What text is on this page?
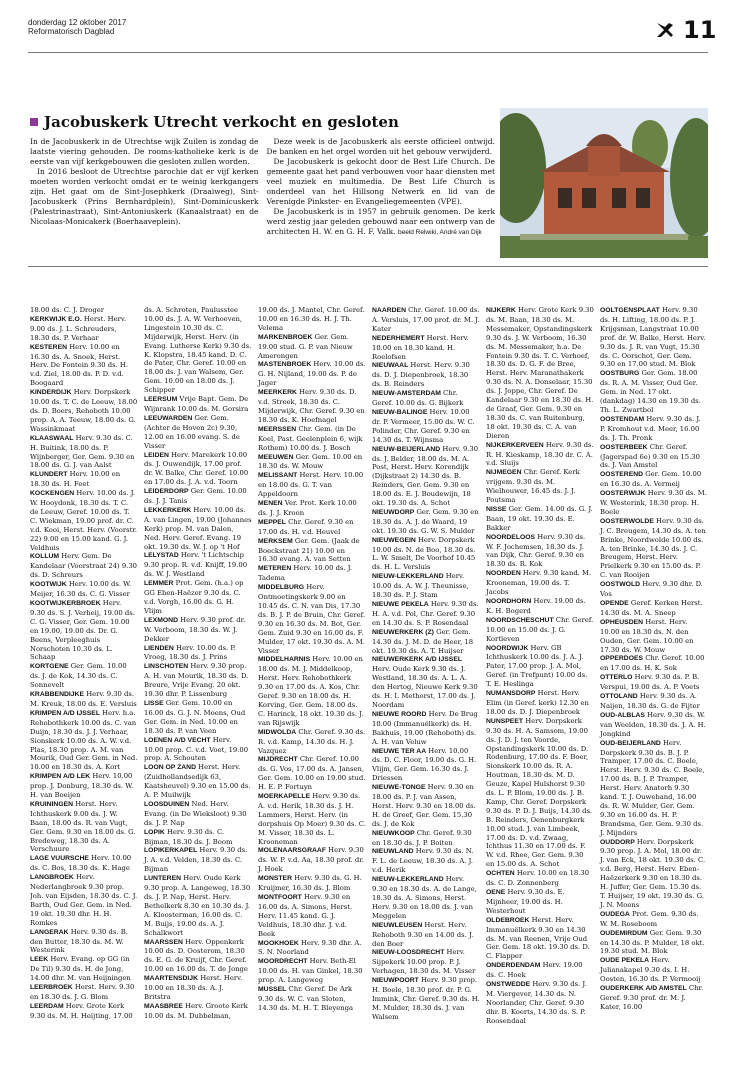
donderdag 12 oktober 2017
Reformatorisch Dagblad	11
Jacobuskerk Utrecht verkocht en gesloten

In de Jacobuskerk in de Utrechtse wijk Zuilen is zondag de laatste viering gehouden. De rooms-katholieke kerk is de eerste van vijf kerkgebouwen die gesloten zullen worden.

In 2016 besloot de Utrechtse parochie dat er vijf kerken moeten worden verkocht omdat er te weinig kerkgangers zijn. Het gaat om de Sint-Josephkerk (Draaiweg), Sint-Jacobuskerk (Prins Bernhardplein), Sint-Dominicuskerk (Palestrinastraat), Sint-Antoniuskerk (Kanaalstraat) en de Nicolaas-Monicakerk (Boerhaaveplein).

Deze week is de Jacobuskerk als eerste officieel ontwijd. De banken en het orgel worden uit het gebouw verwijderd.

De Jacobuskerk is gekocht door de Best Life Church. De gemeente gaat het pand verbouwen voor haar diensten met veel muziek en multimedia. De Best Life Church is onderdeel van het Hillsong Netwerk en lid van de Verenigde Pinkster- en Evangeliegemeenten (VPE).

De Jacobuskerk is in 1957 in gebruik genomen. De kerk werd zestig jaar geleden gebouwd naar een ontwerp van de architecten H. W. en G. H. F. Valk. beeld Relwiki, André van Dijk

18.00 ds. C. J. Droger

KERKWIJK E.O. Herst. Herv. 9.00 ds. J. L. Schreuders, 18.30 ds. P. Verhaar

KESTEREN Herv. 10.00 en 16.30 ds. A. Snoek, Herst. Herv. De Fontein 9.30 ds. H. v.d. Ziel, 18.00 ds. P. D. v.d. Boogaard

KINDERDIJK Herv. Dorpskerk 10.00 ds. T. C. de Leeuw, 18.00 ds. D. Boers, Rehoboth 10.00 prop. A. A. Teeuw, 18.00 ds. G. Wassinkmaat

KLAASWAAL Herv. 9.30 ds. C. H. Buitink, 18.00 ds. P. Wijnberger, Ger. Gem. 9.30 en 18.00 ds. G. J. van Aalst

KLUNDERT Herv. 10.00 en 18.30 ds. H. Feet

KOCKENGEN Herv. 10.00 ds. J. W. Hooydonk, 18.30 ds. T. C. de Leeuw, Geref. 10.00 ds. T. C. Wiekman, 19.00 prof. dr. C. v.d. Kooi, Herst. Herv. (Voorstr. 22) 9.00 en 15.00 kand. G. J. Veldhuis

KOLLUM Herv. Gem. De Kandelaar (Voorstraat 24) 9.30 ds. D. Schreurs

KOOTWIJK Herv. 10.00 ds. W. Meijer, 16.30 ds. C. G. Visser

KOOTWIJKERBROEK Herv. 9.30 ds. S. J. Verheij, 19.00 ds. C. G. Visser, Ger. Gem. 10.00 en 19.00, 19.00 ds. Dr. G. Beens, Verpleeghuis Norschoten 10.30 ds. L. Schaap

KORTGENE Ger. Gem. 10.00 ds. J. de Kok, 14.30 ds. C. Sonnevelt

KRABBENDIJKE Herv. 9.30 ds. M. Kreuk, 18.00 ds. E. Versluis

KRIMPEN A/D IJSSEL Herv. h.a. Rehobothkerk 10.00 ds. C. van Duijn, 18.30 ds. J. J. Verhaar, Sionskerk 10.00 ds. A. W. v.d. Plas, 18.30 prop. A. M. van Mourik, Oud Ger. Gem. in Ned. 10.00 en 18.30 ds. A. Kort

KRIMPEN A/D LEK Herv. 10.00 prop. J. Donburg, 18.30 ds. W. H. van Boeijen

KRUININGEN Herst. Herv. Ichthuskerk 9.00 ds. J. W. Baan, 18.00 ds. R. van Vugt, Ger. Gem. 9.30 en 18.00 ds. G. Bredeweg, 18.30 ds. A. Verschuure

LAGE VUURSCHE Herv. 10.00 ds. C. Bos, 18.30 ds. K. Hage

LANGBROEK Herv. Nederlangbroek 9.30 prop. Joh. van Eijsden, 18.30 ds. C. J. Barth, Oud Ger. Gem. in Ned. 19 okt. 19.30 dhr. H. H. Romkes

LANGERAK Herv. 9.30 ds. B. den Butter, 18.30 ds. M. W. Westerink

LEEK Herv. Evang. op GG (in De Til) 9.30 ds. H. de Jong, 14.00 dhr. M. van Heijningen

LEERBROEK Herst. Herv. 9.30 en 18.30 ds. J. G. Blom

LEERDAM Herv. Grote Kerk 9.30 ds. M. H. Heijting, 17.00 ds. A. Schroten, Paulusstee 10.00 ds. J. A. W. Verhoeven, Lingestein 10.30 ds. C. Mijderwijk, Herst. Herv. (in Evang. Lutherse Kerk) 9.30 ds. K. Klopstra, 18.45 kand. D. C. de Pater, Chr. Geref. 10.00 en 18.00 ds. J. van Walsem, Ger. Gem. 10.00 en 18.00 ds. J. Schipper

LEERSUM Vrije Bapt. Gem. De Wijnrank 10.00 ds. M. Gorsira

LEEUWARDEN Ger. Gem. (Achter de Hoven 2c) 9.30, 12.00 en 16.00 evang. S. de Visser

LEIDEN Herv. Marekerk 10.00 ds. J. Ouwendijk, 17.00 prof. dr. W. Balke, Chr. Geref. 10.00 en 17.00 ds. J. A. v.d. Toorn

LEIDERDORP Ger. Gem. 10.00 ds. J. J. Tanis

LEKKERKERK Herv. 10.00 ds. A. van Lingen, 19.00 (Johannes Kerk) prop. M. van Dalen, Ned. Herv. Geref. Evang. 19 okt. 19.30 ds. W. J. op 't Hof

LELYSTAD Herv. 't Lichtschip 9.30 prop. R. v.d. Knijff, 19.00 ds. W. J. Westland

LEMMER Prot. Gem. (h.a.) op GG Eben-Haëzer 9.30 ds. C. v.d. Vorgh, 16.00 ds. G. H. Vlijm

LEXMOND Herv. 9.30 prof. dr. W. Verboom, 18.30 ds. W. J. Dekker

LIENDEN Herv. 10.00 ds. P. Vroeg, 18.30 ds. J. Prins

LINSCHOTEN Herv. 9.30 prop. A. H. van Mourik, 18.30 ds. D. Breure, Vrije Evang. 20 okt. 19.30 dhr. P. Lissenburg

LISSE Ger. Gem. 10.00 en 16.00 ds. G. J. N. Moens, Oud Ger. Gem. in Ned. 10.00 en 18.30 ds. P. van Veen

LOENEN A/D VECHT Herv. 10.00 prop. C. v.d. Voet, 19.00 prop. A. Schouten

LOON OP ZAND Herst. Herv. (Zuidhollandsedijk 63, Kaatsheuvel) 9.30 en 15.00 ds. A. P. Muilwijk

LOOSDUINEN Ned. Herv. Evang. (in De Wieksloot) 9.30 ds. J. P. Nap

LOPIK Herv. 9.30 ds. C. Bijman, 18.30 ds. J. Boom

LOPIKERKAPEL Herv. 9.30 ds. J. A. v.d. Velden, 18.30 ds. C. Bijman

LUNTEREN Herv. Oude Kerk 9.30 prop. A. Langeweg, 18.30 ds. J. P. Nap, Herst. Herv. Bethelkerk 8.30 en 10.30 ds. J. A. Kloosterman, 16.00 ds. C. M. Buijs, 19.00 ds. A. J. Schalkwort

MAARSSEN Herv. Oppenkerk 10.00 ds. D. Oosterom, 18.30 ds. E. G. de Kruijf, Chr. Geref. 10.00 en 16.00 ds. T. de Jonge

MAARTENSDIJK Herst. Herv. 10.00 en 18.30 ds. A. J. Britstra

MAASBREE Herv. Groote Kerk 10.00 ds. M. Dubbelman, 19.00 ds. J. Mantel, Chr. Geref. 10.00 en 16.30 ds. H. J. Th. Velema

MARKENBROEK Ger. Gem. 19.00 stud. G. P. van Nieuw Amerongen

MASTENBROEK Herv. 10.00 ds. G. H. Nijland, 19.00 ds. P. de Jager

MEERKERK Herv. 9.30 ds. D. v.d. Streek, 18.30 ds. C. Mijderwijk, Chr. Geref. 9.30 en 18.30 ds. K. Hoefnagel

MEERSSEN Chr. Gem. (in De Koel, Past. Geelenplein 6, wijk Rothem) 10.00 ds. J. Bosch

MEEUWEN Ger. Gem. 10.00 en 18.30 ds. W. Mouw

MELISSANT Herst. Herv. 10.00 en 18.00 ds. G. T. van Appeldoorn

MENEN Ver. Prot. Kerk 10.00 ds. J. J. Kroon

MEPPEL Chr. Geref. 9.30 en 17.00 ds. H. v.d. Heuvel

MERKSEM Ger. Gem. (Jaak de Boeckstraat 21) 10.00 en 16.30 evang. A. van Setten

METEREN Herv. 10.00 ds. J. Tadema

MIDDELBURG Herv. Ontmoetingskerk 9.00 en 10.45 ds. C. N. van Dis, 17.30 ds. B. J. P. de Bruin, Chr. Geref. 9.30 en 16.30 ds. M. Bot, Ger. Gem. Zuid 9.30 en 16.00 ds. F. Mulder, 17 okt. 19.30 ds. A. M. Visser

MIDDELHARNIS Herv. 10.00 en 18.00 ds. M. J. Middelkoop, Herst. Herv. Rehobothkerk 9.30 en 17.00 ds. A. Kos, Chr. Geref. 9.30 en 18.00 ds. H. Korving, Ger. Gem. 18.00 ds. C. Harinck, 18 okt. 19.30 ds. J. van Rijswijk

MIDWOLDA Chr. Geref. 9.30 ds. R. v.d. Kamp, 14.30 ds. H. J. Vazquez

MIJDRECHT Chr. Geref. 10.00 ds. G. Vos, 17.00 ds. A. Jansen, Ger. Gem. 10.00 en 19.00 stud. H. E. P. Fortuyn

MOERKAPELLE Herv. 9.30 ds. A. v.d. Herik, 18.30 ds. J. H. Lammers, Herst. Herv. (in dorpshuis Op Moer) 9.30 ds. C. M. Visser, 18.30 ds. L. Krooneman

MOLENAARSGRAAF Herv. 9.30 ds. W. P. v.d. Aa, 18.30 prof. dr. J. Hoek

MONSTER Herv. 9.30 ds. G. H. Kruijmer, 16.30 ds. J. Blom

MONTFOORT Herv. 9.30 en 16.00 ds. A. Simons, Herst. Herv. 11.45 kand. G. J. Veldhuis, 18.30 dhr. J. v.d. Beek

MOOKHOEK Herv. 9.30 dhr. A. S. N. Noorland

MOORDRECHT Herv. Beth-El 10.00 ds. H. van Ginkel, 18.30 prop. A. Langeweg

MUSSEL Chr. Geref. De Ark 9.30 ds. W. C. van Sloten, 14.30 ds. M. H. T. Bleyenga

NAARDEN Chr. Geref. 10.00 ds. A. Versluis, 17.00 prof. dr. M. J. Kater

NEDERHEMERT Herst. Herv. 10.00 en 18.30 kand. H. Roelofsen

NIEUWAAL Herst. Herv. 9.30 ds. D. J. Diepenbroek, 18.30 ds. B. Reinders

NIEUW-AMSTERDAM Chr. Geref. 10.00 ds. G. Bijkerk

NIEUW-BALINGE Herv. 10.00 dr. P. Vermeer, 15.00 ds. W. C. Polinder, Chr. Geref. 9.30 en 14.30 ds. T. Wijnsma

NIEUW-BEIJERLAND Herv. 9.30 ds. J. Belder, 18.00 ds. M. A. Post, Herst. Herv. Korendijk (Dijkstraat 2) 14.30 ds. B. Reinders, Ger. Gem. 9.30 en 18.00 ds. E. J. Boudewijn, 18 okt. 19.30 ds. A. Schot

NIEUWDORP Ger. Gem. 9.30 en 18.30 ds. A. J. de Waard, 19 okt. 19.30 ds. G. W. S. Mulder

NIEUWEGEIN Herv. Dorpskerk 10.00 ds. N. de Boo, 18.30 ds. L. W. Smelt, De Voorhof 10.45 ds. H. L. Versluis

NIEUW-LEKKERLAND Herv. 10.00 ds. A. W. J. Theunisse, 18.30 ds. P. J. Stam

NIEUWE PEKELA Herv. 9.30 ds. H. A. v.d. Pol, Chr. Geref. 9.30 en 14.30 ds. S. P. Rosendaal

NIEUWERKERK (Z) Ger. Gem. 14.30 ds. J. M. D. de Heer, 18 okt. 19.30 ds. A. T. Huijser

NIEUWERKERK A/D IJSSEL Herv. Oude Kerk 9.30 ds. J. Westland, 18.30 ds. A. L. A. den Hertog, Nieuwe Kerk 9.30 ds. H. I. Methorst, 17.00 ds. J. Noordam

NIEUWE ROORD Herv. De Brug 10.00 (Immanuëlkerk) ds. H. Bakhuis, 19.00 (Rehoboth) ds. A. H. van Veluw

NIEUWE TER AA Herv. 10.00 ds. D. C. Floor, 19.00 ds. G. H. Vlijm, Ger. Gem. 16.30 ds. J. Driessen

NIEUWE-TONGE Herv. 9.30 en 18.00 ds. P. J. van Assen, Herst. Herv. 9.30 en 18.00 ds. H. de Greef, Ger. Gem. 15.30 ds. J. de Kok

NIEUWKOOP Chr. Geref. 9.30 en 18.30 ds. J. P. Boiten

NIEUWLAND Herv. 9.30 ds. N. F. L. de Leeuw, 18.30 ds. A. J. v.d. Herik

NIEUW-LEKKERLAND Herv. 9.30 en 18.30 ds. A. de Lange, 18.30 ds. A. Simons, Herst. Herv. 9.30 en 18.00 ds. J. van Meggelen

NIEUWLEUSEN Herst. Herv. Rehoboth 9.30 en 14.00 ds. J. den Boer

NIEUW-LOOSDRECHT Herv. Sijpekerk 10.00 prop. P. J. Verhagen, 18.30 ds. M. Visser

NIEUWPOORT Herv. 9.30 prop. H. Boele, 18.30 prof. dr. P. G. Immink, Chr. Geref. 9.30 ds. H. M. Mulder, 18.30 ds. J. van Walsem

NIJKERK Herv. Grote Kerk 9.30 ds. M. Baan, 18.30 ds. M. Messemaker, Opstandingskerk 9.30 ds. J. W. Verboom, 16.30 ds. M. Messemaker, h.a. De Fontein 9.30 ds. T. C. Verhoef, 18.30 ds. D. G. F. de Bree, Herst. Herv. Maranathakerk 9.30 ds. N. A. Donselaar, 15.30 ds. J. Joppe, Chr. Geref. De Kandelaar 9.30 en 18.30 ds. H. de Graaf, Ger. Gem. 9.30 en 18.30 ds. C. van Ruitenburg, 18 okt. 19.30 ds. C. A. van Dieren

NIJKERKERVEEN Herv. 9.30 ds. R. H. Kieskamp, 18.30 dr. C. A. v.d. Sluijs

NIJMEGEN Chr. Geref. Kerk vrijgem. 9.30 ds. M. Wielhouwer, 16.45 ds. J. J. Poutsma

NISSE Ger. Gem. 14.00 ds. G. J. Baan, 19 okt. 19.30 ds. E. Bakker

NOORDELOOS Herv. 9.30 ds. W. F. Jochemsen, 18.30 ds. J. van Dijk, Chr. Geref. 9.30 en 18.30 ds. R. Kok

NOORDEN Herv. 9.30 kand. M. Krooneman, 19.00 ds. T. Jacobs

NOORDHORN Herv. 19.00 ds. K. H. Bogerd

NOORDSCHESCHUT Chr. Geref. 10.00 en 15.00 ds. J. G. Kortleven

NOORDWIJK Herv. GB Ichthuskerk 10.00 ds. J. A. J. Pater, 17.00 prop. J. A. Mol, Geref. (in Trefpunt) 10.00 ds. T. E. Heslinga

NUMANSDORP Herst. Herv. Elim (in Geref. kerk) 12.30 en 18.00 ds. D. J. Diepenbroek

NUNSPEET Herv. Dorpskerk 9.30 ds. H. A. Samsom, 19.00 ds. J. D. J. ten Voorde, Opstandingskerk 10.00 ds. D. Rodenburg, 17.00 ds. F. Boer, Sionskerk 10.00 ds. R. A. Houtman, 18.30 ds. M. D. Geuze, Kapel Hulshorst 9.30 ds. L. P. Blom, 19.00 ds. J. B. Kamp, Chr. Geref. Dorpskerk 9.30 ds. P. D. J. Buijs, 14.30 ds. B. Reinders, Oenenburgkerk 10.00 stud. J. van Limbeek, 17.00 ds. D. v.d. Zwaag, Ichthus 11.30 en 17.00 ds. F. W. v.d. Rhee, Ger. Gem. 9.30 en 15.00 ds. A. Schot

OCHTEN Herv. 10.00 en 18.30 ds. C. D. Zonnenberg

OENE Herv. 9.30 ds. E. Mijnheer, 19.00 ds. H. Westerhout

OLDEBROEK Herst. Herv. Immanuëlkerk 9.30 en 14.30 ds. M. van Reenen, Vrije Oud Ger. Gem. 18 okt. 19.30 ds. D. C. Flapper

ONDERDENDAM Herv. 19.00 ds. C. Hoek

ONSTWEDDE Herv. 9.30 ds. J. M. Viergever, 14.30 ds. N. Noorlander, Chr. Geref. 9.30 dhr. B. Koerts, 14.30 ds. S. P. Roosendaal

OOLTGENSPLAAT Herv. 9.30 ds. H. Lifting, 18.00 ds. P. J. Krijgsman, Langstraat 10.00 prof. dr. W. Balke, Herst. Herv. 9.30 ds. J. R. van Vugt, 15.30 ds. C. Oorschot, Ger. Gem. 9.30 en 17.00 stud. M. Blok

OOSTBURG Ger. Gem. 18.00 ds. R. A. M. Visser, Oud Ger. Gem. in Ned. 17 okt. (dankdag) 14.30 en 19.30 ds. Th. L. Zwartbol

OOSTENDAM Herv. 9.30 ds. J. P. Kromhout v.d. Meer, 16.00 ds. J. Th. Pronk

OOSTERBEEK Chr. Geref. (Jagerspad 6e) 9.30 en 15.30 ds. J. Van Amstel

OOSTEREND Ger. Gem. 10.00 en 16.30 ds. A. Vermeij

OOSTERWIJK Herv. 9.30 ds. M. W. Westerink, 18.30 prop. H. Boele

OOSTERWOLDE Herv. 9.30 ds. J. C. Breugem, 14.30 ds. A. ten Brinke, Noordwolde 10.00 ds. A. ten Brinke, 14.30 ds. J. C. Breugem, Herst. Herv. Prielkerk 9.30 en 15.00 ds. P. C. van Rooijen

OOSTWOLD Herv. 9.30 dhr. D. Vos

OPENDE Geref. Kerken Herst. 14.30 ds. M. A. Sneep

OPHEUSDEN Herst. Herv. 10.00 en 18.30 ds. N. den Ouden, Ger. Gem. 10.00 en 17.30 ds. W. Mouw

OPPERDOES Chr. Geref. 10.00 en 17.00 ds. H. K. Sok

OTTERLO Herv. 9.30 ds. P. B. Verspui, 19.00 ds. A. P. Voets

OTTOLAND Herv. 9.30 ds. A. Naijen, 18.30 ds. G. de Fijter

OUD-ALBLAS Herv. 9.30 ds. W. van Weelden, 18.30 ds. J. A. H. Jongkind

OUD-BEIJERLAND Herv. Dorpskerk 9.30 ds. B. J. P. Tramper, 17.00 ds. C. Boele, Herst. Herv. 9.30 ds. C. Boele, 17.00 ds. B. J. P. Tramper, Herst. Herv. Anatorh 9.30 kand. T. J. Ouweband, 16.00 ds. R. W. Mulder, Ger. Gem. 9.30 en 16.00 ds. H. P. Brandsma, Ger. Gem. 9.30 ds. J. Mijnders

OUDDORP Herv. Dorpskerk 9.30 prop. J. A. Mol, 18.00 dr. J. van Eck, 18 okt. 19.30 ds. C. v.d. Berg, Herst. Herv. Eben-Haëzerkerk 9.30 en 18.30 ds. H. Juffer, Ger. Gem. 15.30 ds. T. Huijser, 19 okt. 19.30 ds. G. J. N. Moens

OUDEGA Prot. Gem. 9.30 ds. W. M. Roseboom

OUDEMIRDUM Ger. Gem. 9.30 en 14.30 ds. P. Mulder, 18 okt. 19.30 stud. M. Blok

OUDE PEKELA Herv. Julianakapel 9.30 ds. I. H. Oosten, 16.30 ds. P. Vermooij

OUDERKERK A/D AMSTEL Chr. Geref. 9.30 prof. dr. M. J. Kater, 16.00
